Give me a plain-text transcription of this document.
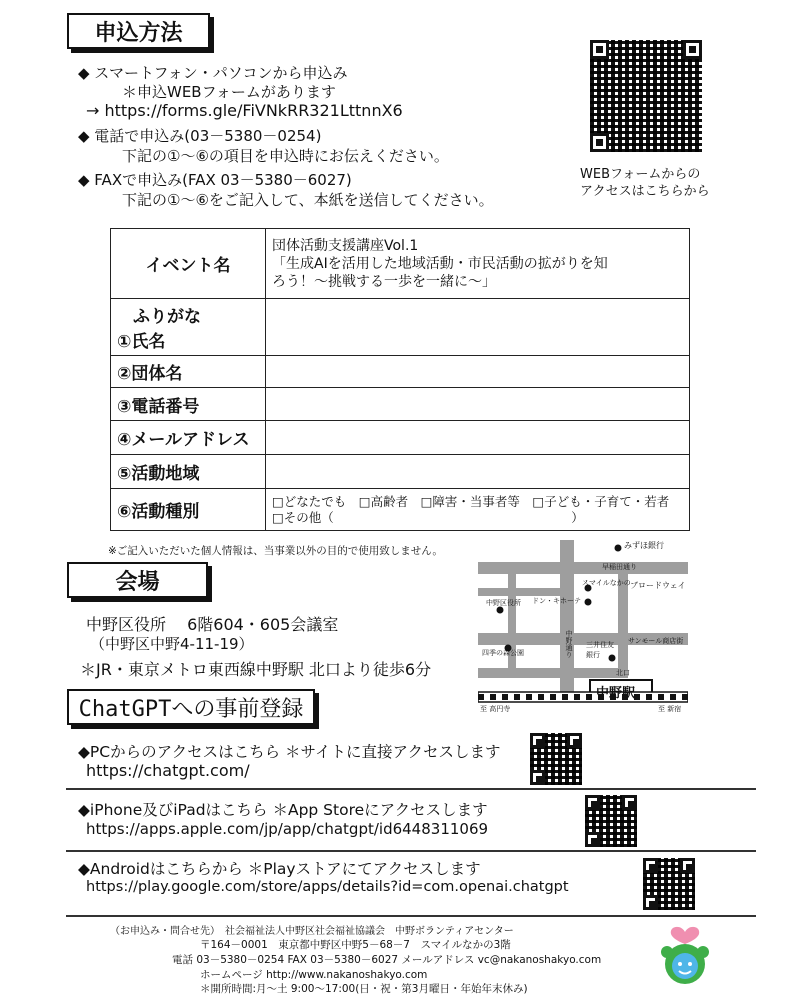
申込方法
◆ スマートフォン・パソコンから申込み
＊申込WEBフォームがあります
→ https://forms.gle/FiVNkRR321LttnnX6
◆ 電話で申込み(03－5380－0254)
下記の①～⑥の項目を申込時にお伝えください。
◆ FAXで申込み(FAX 03－5380－6027)
下記の①～⑥をご記入して、本紙を送信してください。
WEBフォームからの
アクセスはこちらから
イベント名	団体活動支援講座Vol.1
「生成AIを活用した地域活動・市民活動の拡がりを知
ろう！～挑戦する一歩を一緒に～」

ふりがな
①氏名	

②団体名	
③電話番号	
④メールアドレス	
⑤活動地域	
⑥活動種別	□どなたでも　□高齢者　□障害・当事者等　□子ども・子育て・若者
□その他（　　　　　　　　　　　　　　　　　　　）
※ご記入いただいた個人情報は、当事業以外の目的で使用致しません。
会場
中野区役所　 6階604・605会議室
（中野区中野4-11-19）
＊JR・東京メトロ東西線中野駅 北口より徒歩6分
みずほ銀行
早稲田通り
スマイルなかの ブロードウェイ
中野区役所 ドン・キホーテ
中野通り 三井住友銀行
サンモール商店街
四季の森公園
北口
中野駅
至 高円寺	至 新宿
ChatGPTへの事前登録
◆PCからのアクセスはこちら ＊サイトに直接アクセスします
https://chatgpt.com/
◆iPhone及びiPadはこちら ＊App Storeにアクセスします
https://apps.apple.com/jp/app/chatgpt/id6448311069
◆Androidはこちらから ＊Playストアにてアクセスします
https://play.google.com/store/apps/details?id=com.openai.chatgpt
（お申込み・問合せ先）　社会福祉法人中野区社会福祉協議会　中野ボランティアセンター
〒164－0001　東京都中野区中野5－68－7　スマイルなかの3階
電話 03－5380－0254 FAX 03－5380－6027 メールアドレス vc@nakanoshakyo.com
ホームページ http://www.nakanoshakyo.com
＊開所時間:月～土 9:00～17:00(日・祝・第3月曜日・年始年末休み)
